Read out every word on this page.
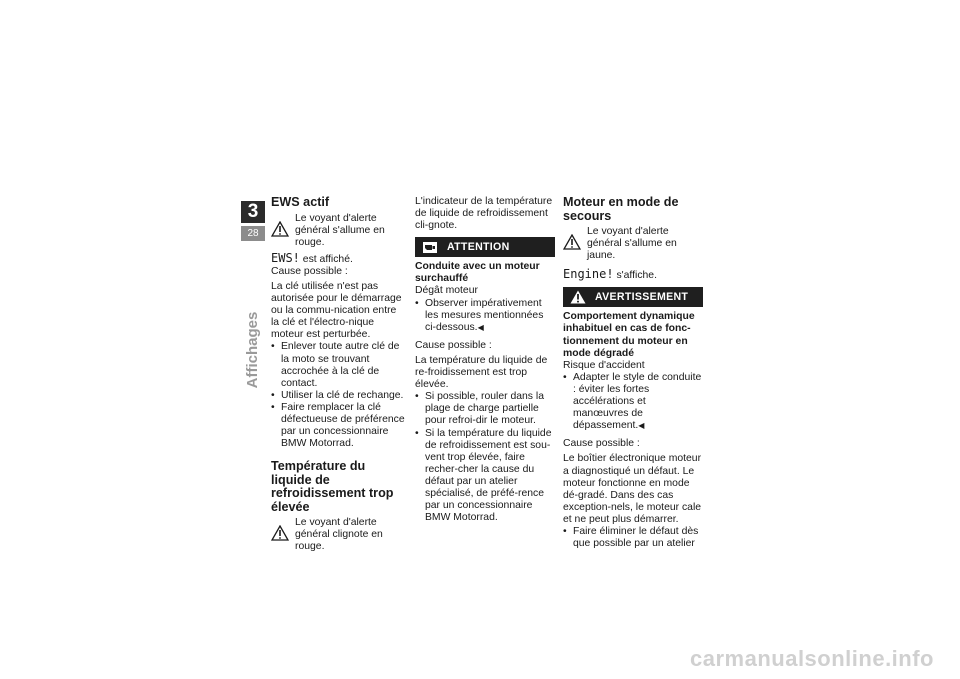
3
28
Affichages
EWS actif

Le voyant d'alerte général s'allume en rouge.

EWS! est affiché.

Cause possible :

La clé utilisée n'est pas autorisée pour le démarrage ou la commu-nication entre la clé et l'électro-nique moteur est perturbée.

• Enlever toute autre clé de la moto se trouvant accrochée à la clé de contact.
• Utiliser la clé de rechange.
• Faire remplacer la clé défectueuse de préférence par un concessionnaire BMW Motorrad.
Température du liquide de refroidissement trop élevée

Le voyant d'alerte général clignote en rouge.

L'indicateur de la température de liquide de refroidissement cli-gnote.

ATTENTION

Conduite avec un moteur surchauffé

Dégât moteur

• Observer impérativement les mesures mentionnées ci-dessous.◀

Cause possible :

La température du liquide de re-froidissement est trop élevée.

• Si possible, rouler dans la plage de charge partielle pour refroi-dir le moteur.
• Si la température du liquide de refroidissement est sou-vent trop élevée, faire recher-cher la cause du défaut par un atelier spécialisé, de préfé-rence par un concessionnaire BMW Motorrad.
Moteur en mode de secours

Le voyant d'alerte général s'allume en jaune.

Engine! s'affiche.

AVERTISSEMENT

Comportement dynamique inhabituel en cas de fonc-tionnement du moteur en mode dégradé

Risque d'accident

• Adapter le style de conduite : éviter les fortes accélérations et manœuvres de dépassement.◀

Cause possible :

Le boîtier électronique moteur a diagnostiqué un défaut. Le moteur fonctionne en mode dé-gradé. Dans des cas exception-nels, le moteur cale et ne peut plus démarrer.

• Faire éliminer le défaut dès que possible par un atelier
carmanualsonline.info
